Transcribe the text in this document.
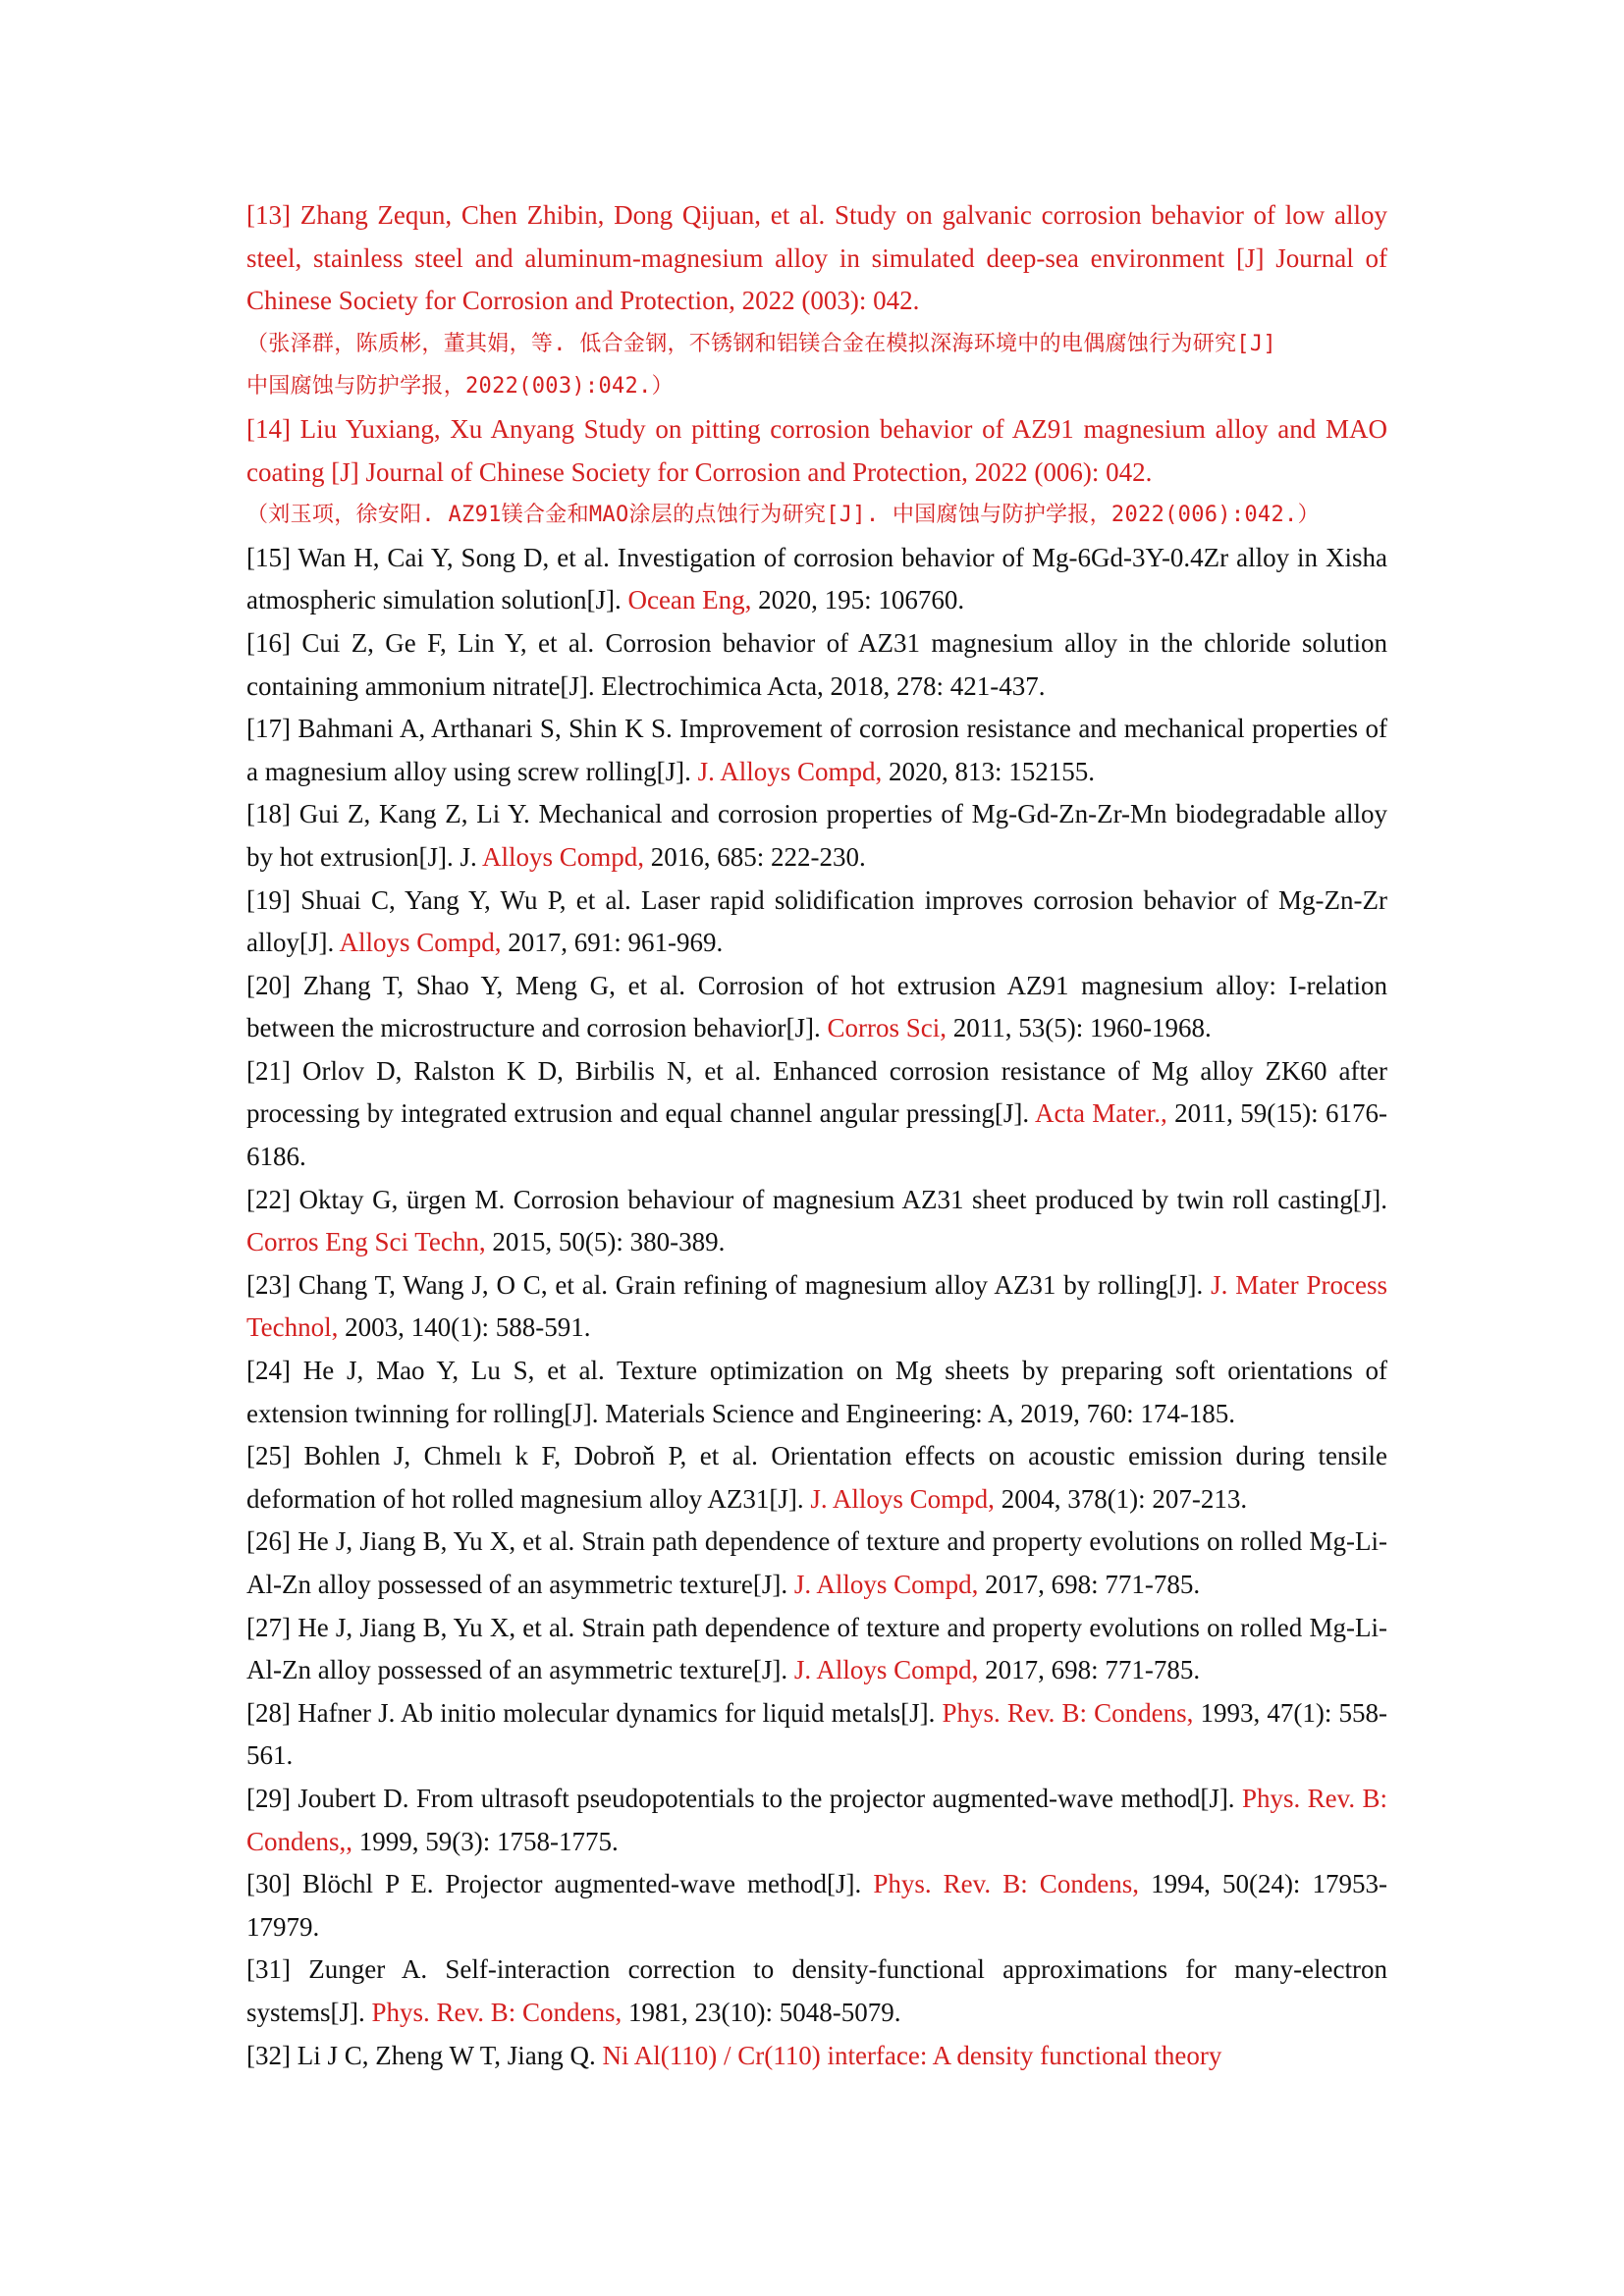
[13] Zhang Zequn, Chen Zhibin, Dong Qijuan, et al. Study on galvanic corrosion behavior of low alloy steel, stainless steel and aluminum-magnesium alloy in simulated deep-sea environment [J] Journal of Chinese Society for Corrosion and Protection, 2022 (003): 042.

（张泽群，陈质彬，董其娟，等. 低合金钢，不锈钢和铝镁合金在模拟深海环境中的电偶腐蚀行为研究[J]

中国腐蚀与防护学报，2022(003):042.）

[14] Liu Yuxiang, Xu Anyang Study on pitting corrosion behavior of AZ91 magnesium alloy and MAO coating [J] Journal of Chinese Society for Corrosion and Protection, 2022 (006): 042.

（刘玉项，徐安阳. AZ91镁合金和MAO涂层的点蚀行为研究[J]. 中国腐蚀与防护学报，2022(006):042.）

[15] Wan H, Cai Y, Song D, et al. Investigation of corrosion behavior of Mg-6Gd-3Y-0.4Zr alloy in Xisha atmospheric simulation solution[J]. Ocean Eng, 2020, 195: 106760.

[16] Cui Z, Ge F, Lin Y, et al. Corrosion behavior of AZ31 magnesium alloy in the chloride solution containing ammonium nitrate[J]. Electrochimica Acta, 2018, 278: 421-437.

[17] Bahmani A, Arthanari S, Shin K S. Improvement of corrosion resistance and mechanical properties of a magnesium alloy using screw rolling[J]. J. Alloys Compd, 2020, 813: 152155.

[18] Gui Z, Kang Z, Li Y. Mechanical and corrosion properties of Mg-Gd-Zn-Zr-Mn biodegradable alloy by hot extrusion[J]. J. Alloys Compd, 2016, 685: 222-230.

[19] Shuai C, Yang Y, Wu P, et al. Laser rapid solidification improves corrosion behavior of Mg-Zn-Zr alloy[J]. Alloys Compd, 2017, 691: 961-969.

[20] Zhang T, Shao Y, Meng G, et al. Corrosion of hot extrusion AZ91 magnesium alloy: I-relation between the microstructure and corrosion behavior[J]. Corros Sci, 2011, 53(5): 1960-1968.

[21] Orlov D, Ralston K D, Birbilis N, et al. Enhanced corrosion resistance of Mg alloy ZK60 after processing by integrated extrusion and equal channel angular pressing[J]. Acta Mater., 2011, 59(15): 6176-6186.

[22] Oktay G, ürgen M. Corrosion behaviour of magnesium AZ31 sheet produced by twin roll casting[J]. Corros Eng Sci Techn, 2015, 50(5): 380-389.

[23] Chang T, Wang J, O C, et al. Grain refining of magnesium alloy AZ31 by rolling[J]. J. Mater Process Technol, 2003, 140(1): 588-591.

[24] He J, Mao Y, Lu S, et al. Texture optimization on Mg sheets by preparing soft orientations of extension twinning for rolling[J]. Materials Science and Engineering: A, 2019, 760: 174-185.

[25] Bohlen J, Chmelı k F, Dobroň P, et al. Orientation effects on acoustic emission during tensile deformation of hot rolled magnesium alloy AZ31[J]. J. Alloys Compd, 2004, 378(1): 207-213.

[26] He J, Jiang B, Yu X, et al. Strain path dependence of texture and property evolutions on rolled Mg-Li-Al-Zn alloy possessed of an asymmetric texture[J]. J. Alloys Compd, 2017, 698: 771-785.

[27] He J, Jiang B, Yu X, et al. Strain path dependence of texture and property evolutions on rolled Mg-Li-Al-Zn alloy possessed of an asymmetric texture[J]. J. Alloys Compd, 2017, 698: 771-785.

[28] Hafner J. Ab initio molecular dynamics for liquid metals[J]. Phys. Rev. B: Condens, 1993, 47(1): 558-561.

[29] Joubert D. From ultrasoft pseudopotentials to the projector augmented-wave method[J]. Phys. Rev. B: Condens,, 1999, 59(3): 1758-1775.

[30] Blöchl P E. Projector augmented-wave method[J]. Phys. Rev. B: Condens, 1994, 50(24): 17953-17979.

[31] Zunger A. Self-interaction correction to density-functional approximations for many-electron systems[J]. Phys. Rev. B: Condens, 1981, 23(10): 5048-5079.

[32] Li J C, Zheng W T, Jiang Q. Ni Al(110) / Cr(110) interface: A density functional theory
